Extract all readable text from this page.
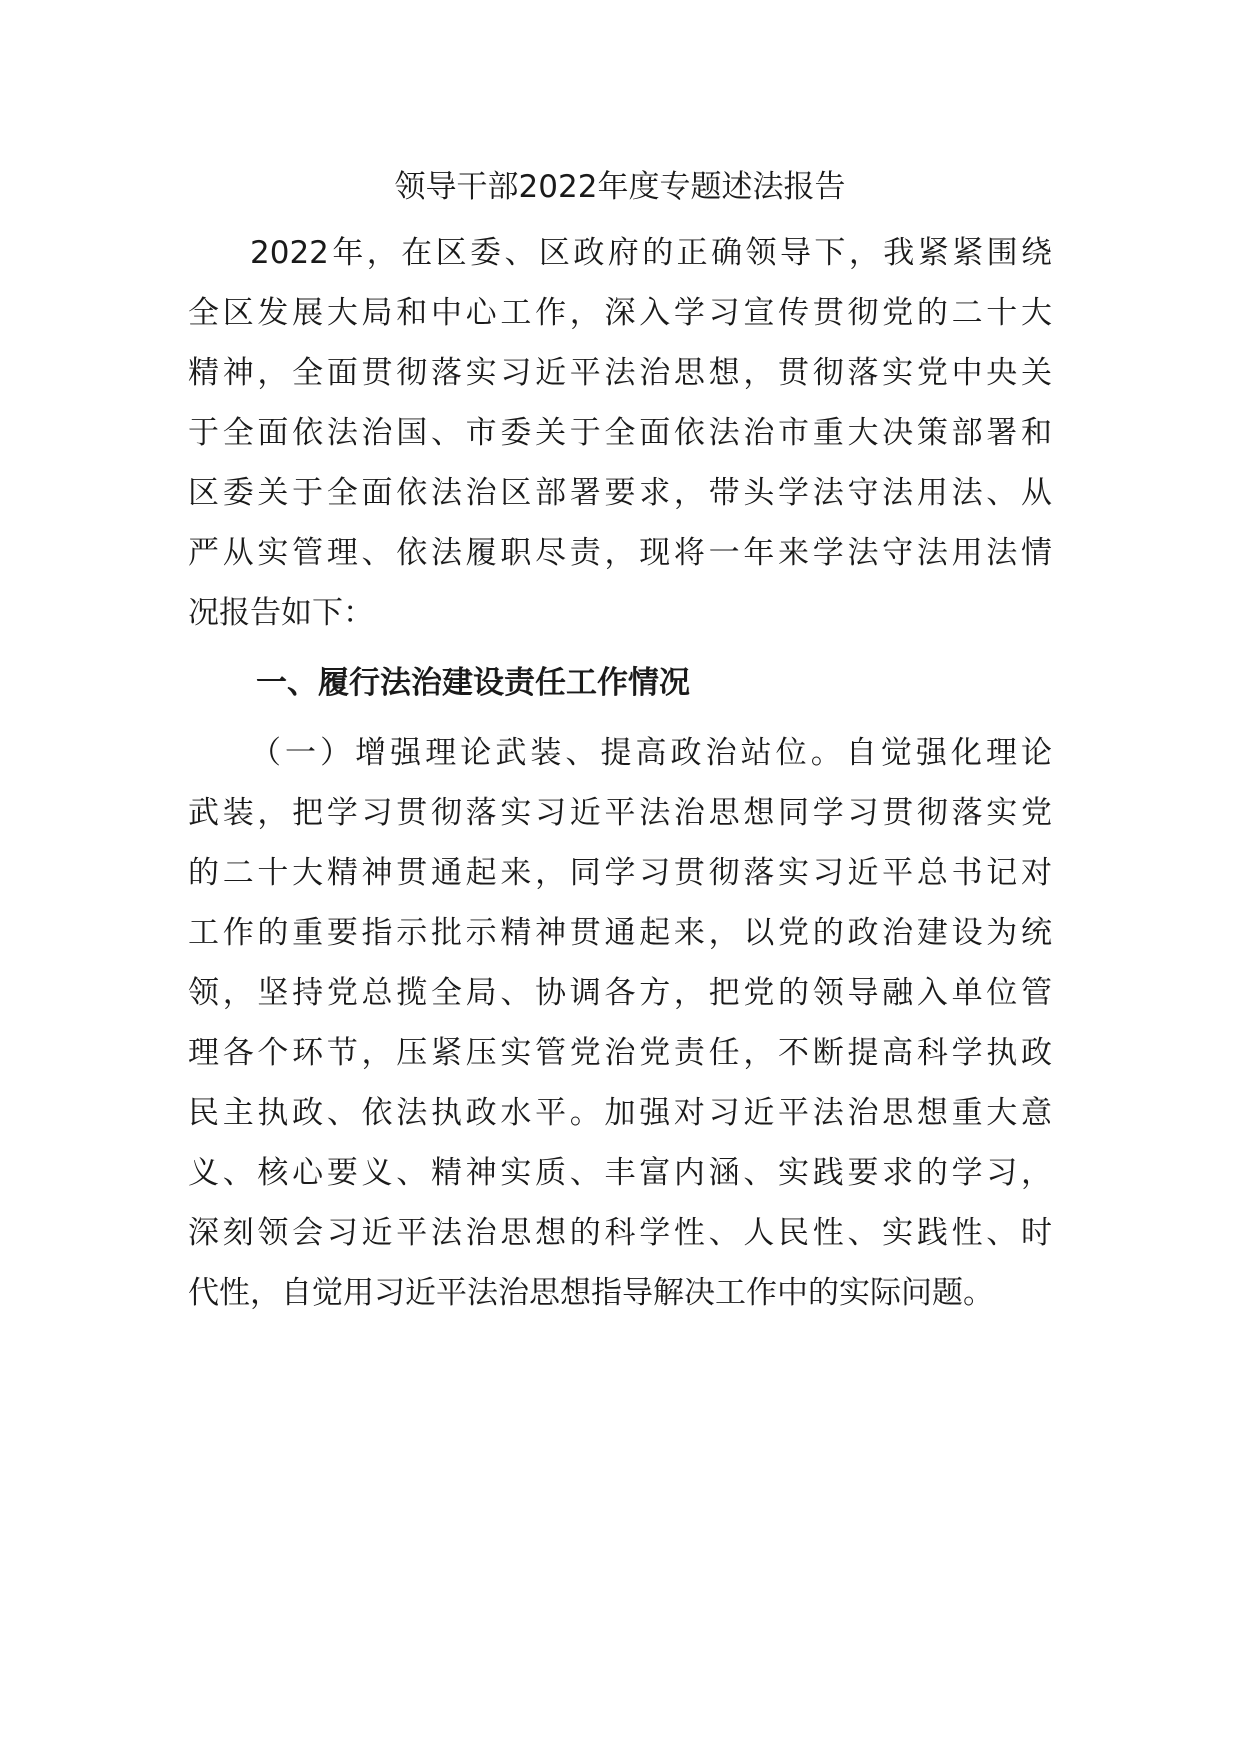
领导干部2022年度专题述法报告

2022年，在区委、区政府的正确领导下，我紧紧围绕

全区发展大局和中心工作，深入学习宣传贯彻党的二十大

精神，全面贯彻落实习近平法治思想，贯彻落实党中央关

于全面依法治国、市委关于全面依法治市重大决策部署和

区委关于全面依法治区部署要求，带头学法守法用法、从

严从实管理、依法履职尽责，现将一年来学法守法用法情

况报告如下：

一、履行法治建设责任工作情况

（一）增强理论武装、提高政治站位。自觉强化理论

武装，把学习贯彻落实习近平法治思想同学习贯彻落实党

的二十大精神贯通起来，同学习贯彻落实习近平总书记对

工作的重要指示批示精神贯通起来，以党的政治建设为统

领，坚持党总揽全局、协调各方，把党的领导融入单位管

理各个环节，压紧压实管党治党责任，不断提高科学执政

民主执政、依法执政水平。加强对习近平法治思想重大意

义、核心要义、精神实质、丰富内涵、实践要求的学习，

深刻领会习近平法治思想的科学性、人民性、实践性、时

代性，自觉用习近平法治思想指导解决工作中的实际问题。
